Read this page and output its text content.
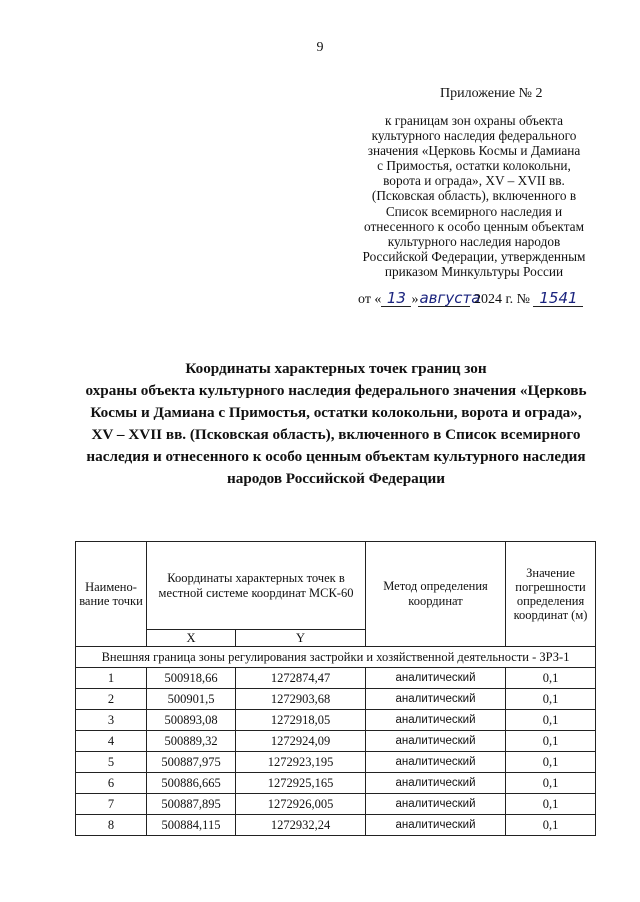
9
Приложение № 2
к границам зон охраны объекта
культурного наследия федерального
значения «Церковь Космы и Дамиана
с Примостья, остатки колокольни,
ворота и ограда», XV – XVII вв.
(Псковская область), включенного в
Список всемирного наследия и
отнесенного к особо ценным объектам
культурного наследия народов
Российской Федерации, утвержденным
приказом Минкультуры России
от « 13 »августа 2024 г. № 1541
Координаты характерных точек границ зон
охраны объекта культурного наследия федерального значения «Церковь
Космы и Дамиана с Примостья, остатки колокольни, ворота и ограда»,
XV – XVII вв. (Псковская область), включенного в Список всемирного
наследия и отнесенного к особо ценным объектам культурного наследия
народов Российской Федерации
Наимено-вание точки	Координаты характерных точек в местной системе координат МСК-60		Метод определения координат	Значение погрешности определения координат (м)
	X	Y		
Внешняя граница зоны регулирования застройки и хозяйственной деятельности - ЗРЗ-1				
1	500918,66	1272874,47	аналитический	0,1
2	500901,5	1272903,68	аналитический	0,1
3	500893,08	1272918,05	аналитический	0,1
4	500889,32	1272924,09	аналитический	0,1
5	500887,975	1272923,195	аналитический	0,1
6	500886,665	1272925,165	аналитический	0,1
7	500887,895	1272926,005	аналитический	0,1
8	500884,115	1272932,24	аналитический	0,1
